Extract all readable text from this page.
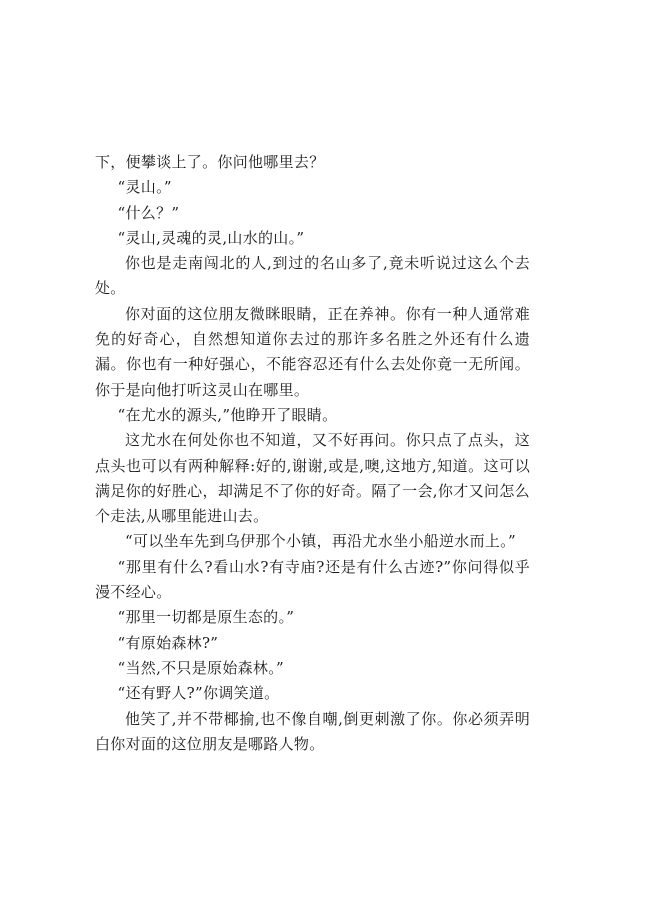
下，便攀谈上了。你问他哪里去？

“灵山。”

“什么？”

“灵山,灵魂的灵,山水的山。”

你也是走南闯北的人,到过的名山多了,竟未听说过这么个去处。

你对面的这位朋友微眯眼睛，正在养神。你有一种人通常难免的好奇心，自然想知道你去过的那许多名胜之外还有什么遗漏。你也有一种好强心，不能容忍还有什么去处你竟一无所闻。你于是向他打听这灵山在哪里。

“在尤水的源头,”他睁开了眼睛。

这尤水在何处你也不知道，又不好再问。你只点了点头，这点头也可以有两种解释:好的,谢谢,或是,噢,这地方,知道。这可以满足你的好胜心，却满足不了你的好奇。隔了一会,你才又问怎么个走法,从哪里能进山去。

“可以坐车先到乌伊那个小镇，再沿尤水坐小船逆水而上。”

“那里有什么?看山水?有寺庙?还是有什么古迹?”你问得似乎漫不经心。

“那里一切都是原生态的。”

“有原始森林?”

“当然,不只是原始森林。”

“还有野人?”你调笑道。

他笑了,并不带椰揄,也不像自嘲,倒更刺激了你。你必须弄明白你对面的这位朋友是哪路人物。
